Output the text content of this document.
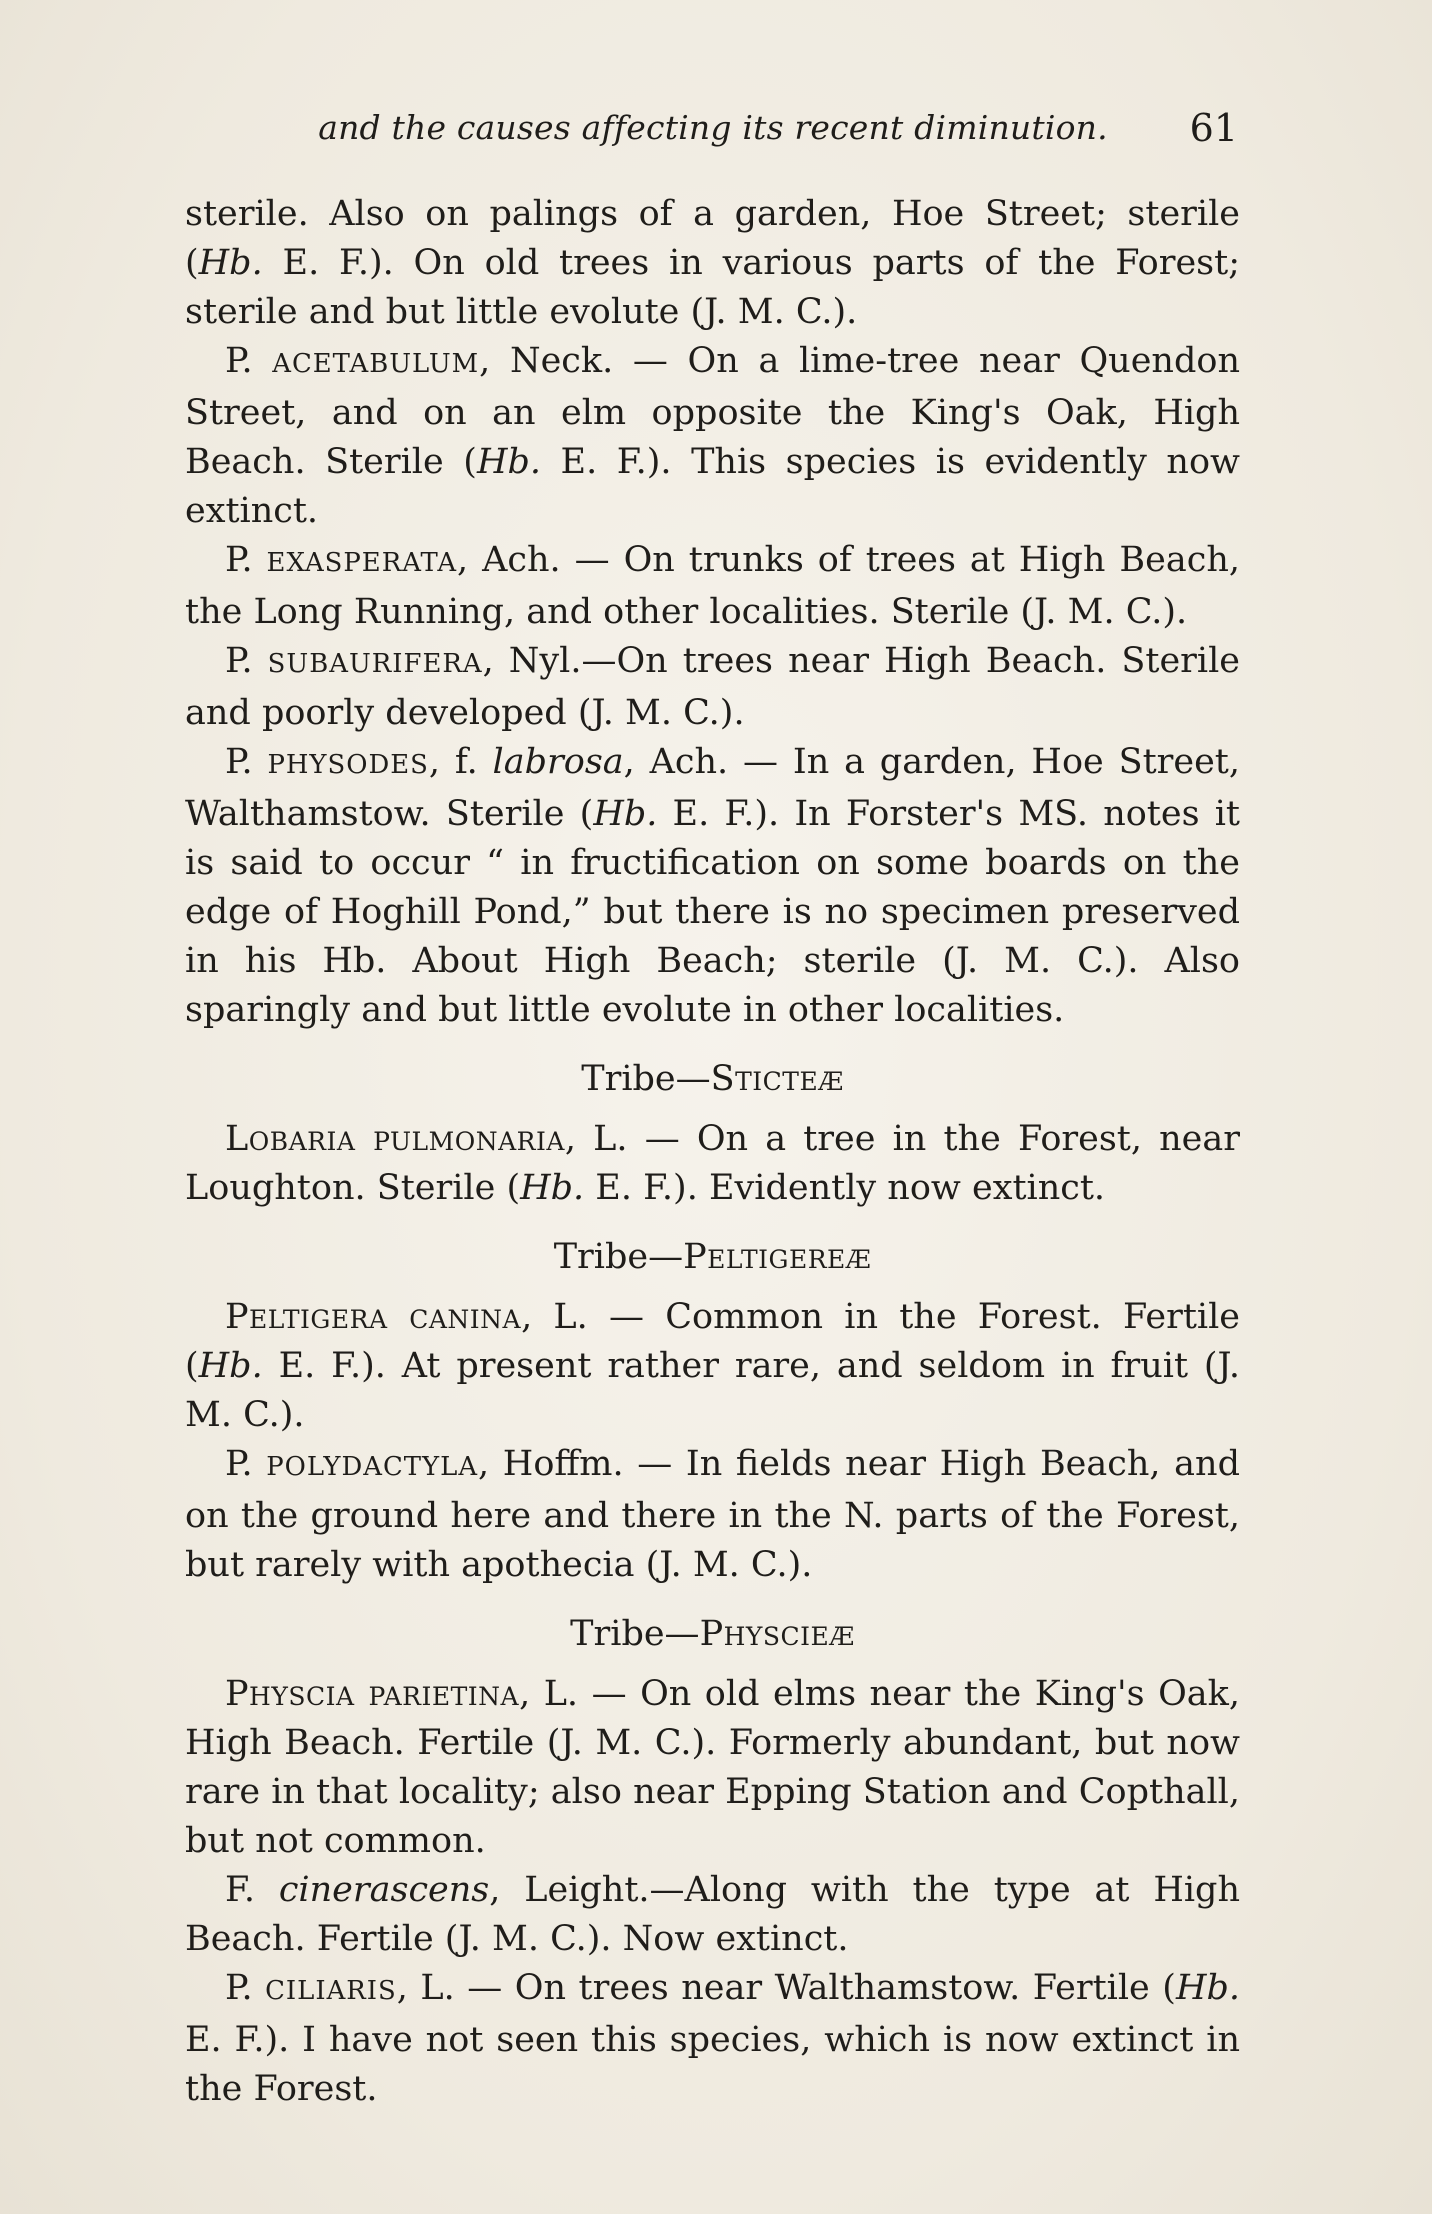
and the causes affecting its recent diminution.	61

sterile. Also on palings of a garden, Hoe Street; sterile (Hb. E. F.). On old trees in various parts of the Forest; sterile and but little evolute (J. M. C.).

P. ACETABULUM, Neck. — On a lime-tree near Quendon Street, and on an elm opposite the King's Oak, High Beach. Sterile (Hb. E. F.). This species is evidently now extinct.

P. EXASPERATA, Ach. — On trunks of trees at High Beach, the Long Running, and other localities. Sterile (J. M. C.).

P. SUBAURIFERA, Nyl.—On trees near High Beach. Sterile and poorly developed (J. M. C.).

P. PHYSODES, f. labrosa, Ach. — In a garden, Hoe Street, Walthamstow. Sterile (Hb. E. F.). In Forster's MS. notes it is said to occur “ in fructification on some boards on the edge of Hoghill Pond,” but there is no specimen preserved in his Hb. About High Beach; sterile (J. M. C.). Also sparingly and but little evolute in other localities.

Tribe—Sticteæ

Lobaria pulmonaria, L. — On a tree in the Forest, near Loughton. Sterile (Hb. E. F.). Evidently now extinct.

Tribe—Peltigereæ

Peltigera canina, L. — Common in the Forest. Fertile (Hb. E. F.). At present rather rare, and seldom in fruit (J. M. C.).

P. POLYDACTYLA, Hoffm. — In fields near High Beach, and on the ground here and there in the N. parts of the Forest, but rarely with apothecia (J. M. C.).

Tribe—Physcieæ

Physcia parietina, L. — On old elms near the King's Oak, High Beach. Fertile (J. M. C.). Formerly abundant, but now rare in that locality; also near Epping Station and Copthall, but not common.

F. cinerascens, Leight.—Along with the type at High Beach. Fertile (J. M. C.). Now extinct.

P. CILIARIS, L. — On trees near Walthamstow. Fertile (Hb. E. F.). I have not seen this species, which is now extinct in the Forest.
